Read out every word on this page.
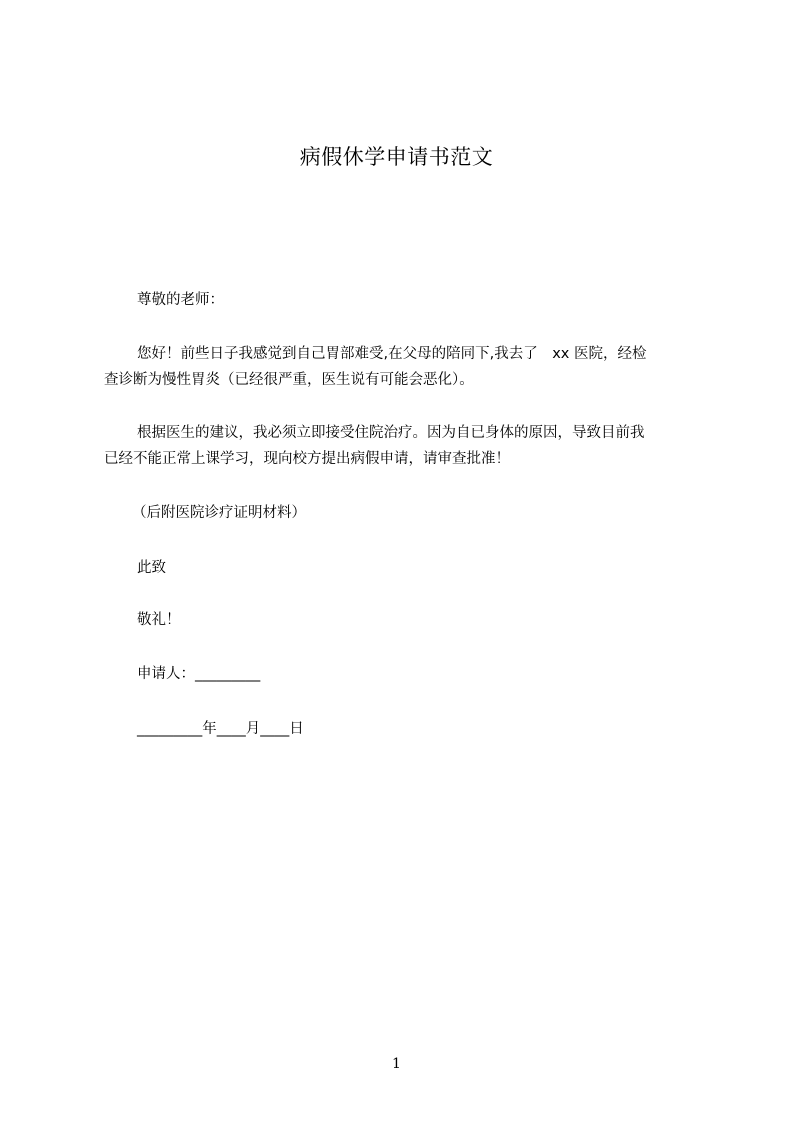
病假休学申请书范文
尊敬的老师：
您好！前些日子我感觉到自己胃部难受,在父母的陪同下,我去了　xx 医院，经检
查诊断为慢性胃炎（已经很严重，医生说有可能会恶化）。
根据医生的建议，我必须立即接受住院治疗。因为自已身体的原因，导致目前我
已经不能正常上课学习，现向校方提出病假申请，请审查批准！
（后附医院诊疗证明材料）
此致
敬礼！
申请人：_________
_________年____月____日
1
